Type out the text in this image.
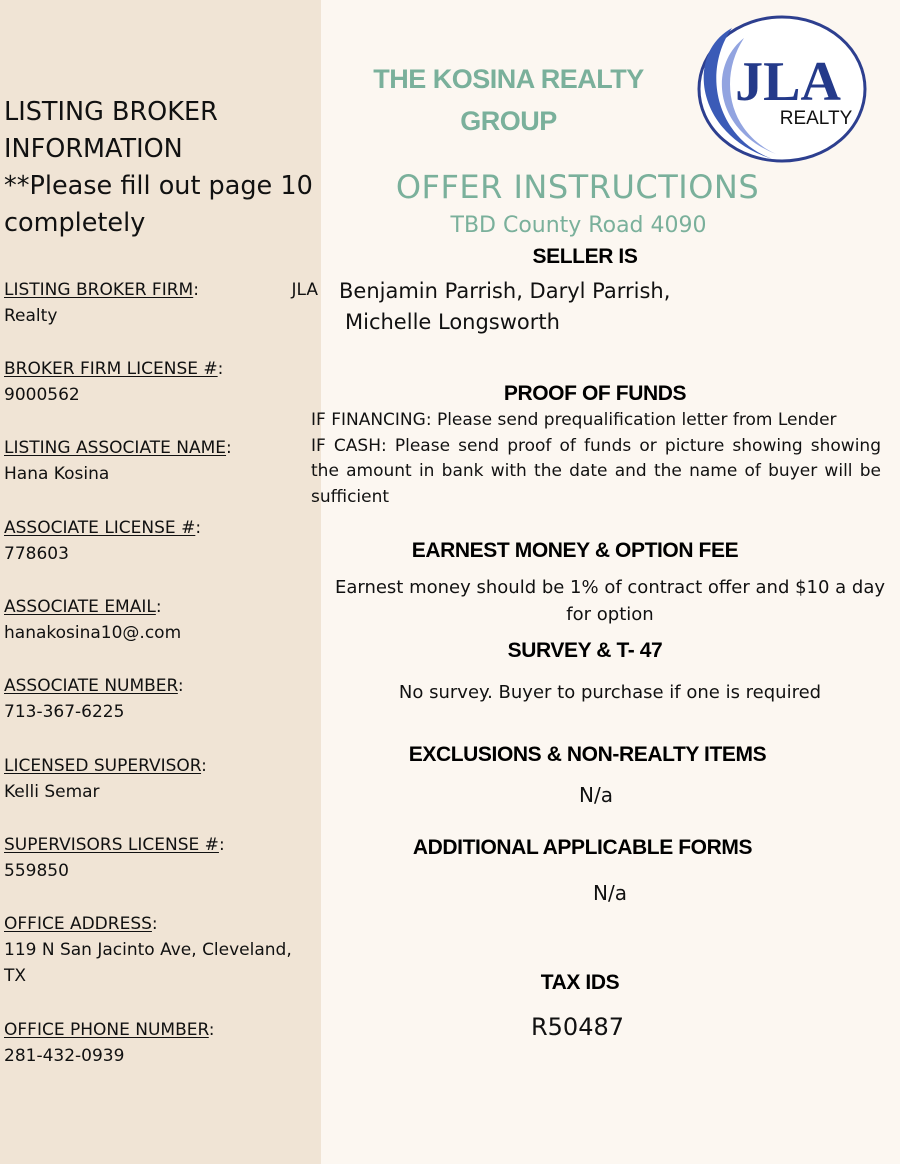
LISTING BROKER
INFORMATION
**Please fill out page 10
completely
LISTING BROKER FIRM:	JLA
Realty
BROKER FIRM LICENSE #:
9000562
LISTING ASSOCIATE NAME:
Hana Kosina
ASSOCIATE LICENSE #:
778603
ASSOCIATE EMAIL:
hanakosina10@.com
ASSOCIATE NUMBER:
713-367-6225
LICENSED SUPERVISOR:
Kelli Semar
SUPERVISORS LICENSE #:
559850
OFFICE ADDRESS:
119 N San Jacinto Ave, Cleveland,
TX
OFFICE PHONE NUMBER:
281-432-0939
THE KOSINA REALTY
GROUP
JLA
REALTY
OFFER INSTRUCTIONS
TBD County Road 4090
SELLER IS
Benjamin Parrish, Daryl Parrish,
Michelle Longsworth
PROOF OF FUNDS

IF FINANCING: Please send prequalification letter from Lender

IF CASH: Please send proof of funds or picture showing showing the amount in bank with the date and the name of buyer will be sufficient

EARNEST MONEY & OPTION FEE
Earnest money should be 1% of contract offer and $10 a day
for option
SURVEY & T- 47
No survey. Buyer to purchase if one is required
EXCLUSIONS & NON-REALTY ITEMS
N/a
ADDITIONAL APPLICABLE FORMS
N/a
TAX IDS
R50487
